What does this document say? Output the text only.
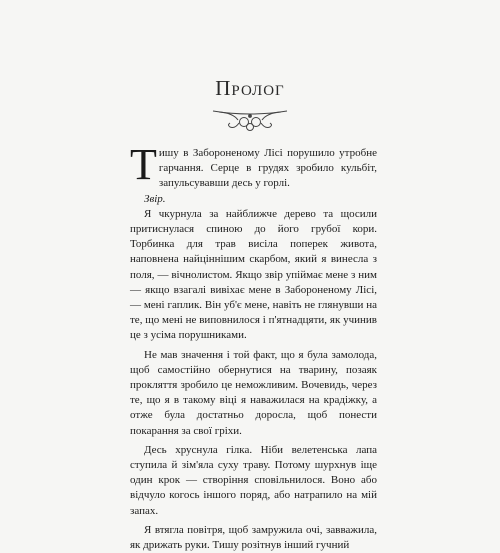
Пролог

Тишу в Забороненому Лісі порушило утробне гарчання. Серце в грудях зробило кульбіт, запульсувавши десь у горлі.

Звір.

Я чкурнула за найближче дерево та щосили притиснулася спиною до його грубої кори. Торбинка для трав висіла поперек живота, наповнена найціннішим скарбом, який я винесла з поля, — вічнолистом. Якщо звір упіймає мене з ним — якщо взагалі вивіхає мене в Забороненому Лісі, — мені гаплик. Він уб'є мене, навіть не глянувши на те, що мені не виповнилося і п'ятнадцяти, як учинив це з усіма порушниками.

Не мав значення і той факт, що я була замолода, щоб самостійно обернутися на тварину, позаяк прокляття зробило це неможливим. Вочевидь, через те, що я в такому віці я наважилася на крадіжку, а отже була достатньо доросла, щоб понести покарання за свої гріхи.

Десь хруснула гілка. Ніби велетенська лапа ступила й зім'яла суху траву. Потому шурхнув іще один крок — створіння сповільнилося. Воно або відчуло когось іншого поряд, або натрапило на мій запах.

Я втягла повітря, щоб замружила очі, завважила, як дрижать руки. Тишу розітнув інший гучний
